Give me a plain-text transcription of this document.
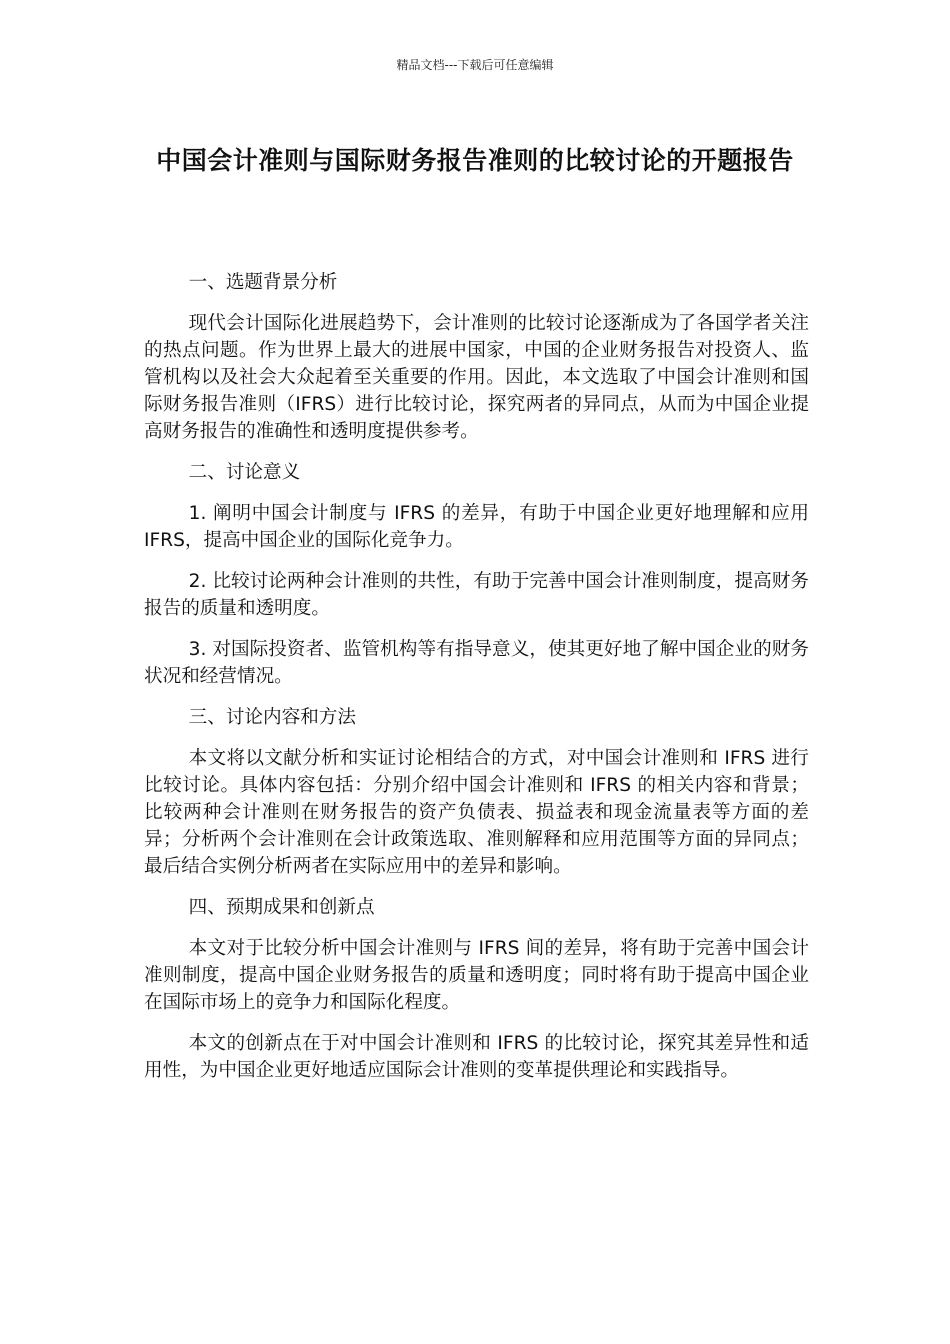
精品文档---下载后可任意编辑
中国会计准则与国际财务报告准则的比较讨论的开题报告
一、选题背景分析
现代会计国际化进展趋势下，会计准则的比较讨论逐渐成为了各国学者关注的热点问题。作为世界上最大的进展中国家，中国的企业财务报告对投资人、监管机构以及社会大众起着至关重要的作用。因此，本文选取了中国会计准则和国际财务报告准则（IFRS）进行比较讨论，探究两者的异同点，从而为中国企业提高财务报告的准确性和透明度提供参考。
二、讨论意义
1. 阐明中国会计制度与 IFRS 的差异，有助于中国企业更好地理解和应用 IFRS，提高中国企业的国际化竞争力。
2. 比较讨论两种会计准则的共性，有助于完善中国会计准则制度，提高财务报告的质量和透明度。
3. 对国际投资者、监管机构等有指导意义，使其更好地了解中国企业的财务状况和经营情况。
三、讨论内容和方法
本文将以文献分析和实证讨论相结合的方式，对中国会计准则和 IFRS 进行比较讨论。具体内容包括：分别介绍中国会计准则和 IFRS 的相关内容和背景；比较两种会计准则在财务报告的资产负债表、损益表和现金流量表等方面的差异；分析两个会计准则在会计政策选取、准则解释和应用范围等方面的异同点；最后结合实例分析两者在实际应用中的差异和影响。
四、预期成果和创新点
本文对于比较分析中国会计准则与 IFRS 间的差异，将有助于完善中国会计准则制度，提高中国企业财务报告的质量和透明度；同时将有助于提高中国企业在国际市场上的竞争力和国际化程度。
本文的创新点在于对中国会计准则和 IFRS 的比较讨论，探究其差异性和适用性，为中国企业更好地适应国际会计准则的变革提供理论和实践指导。
